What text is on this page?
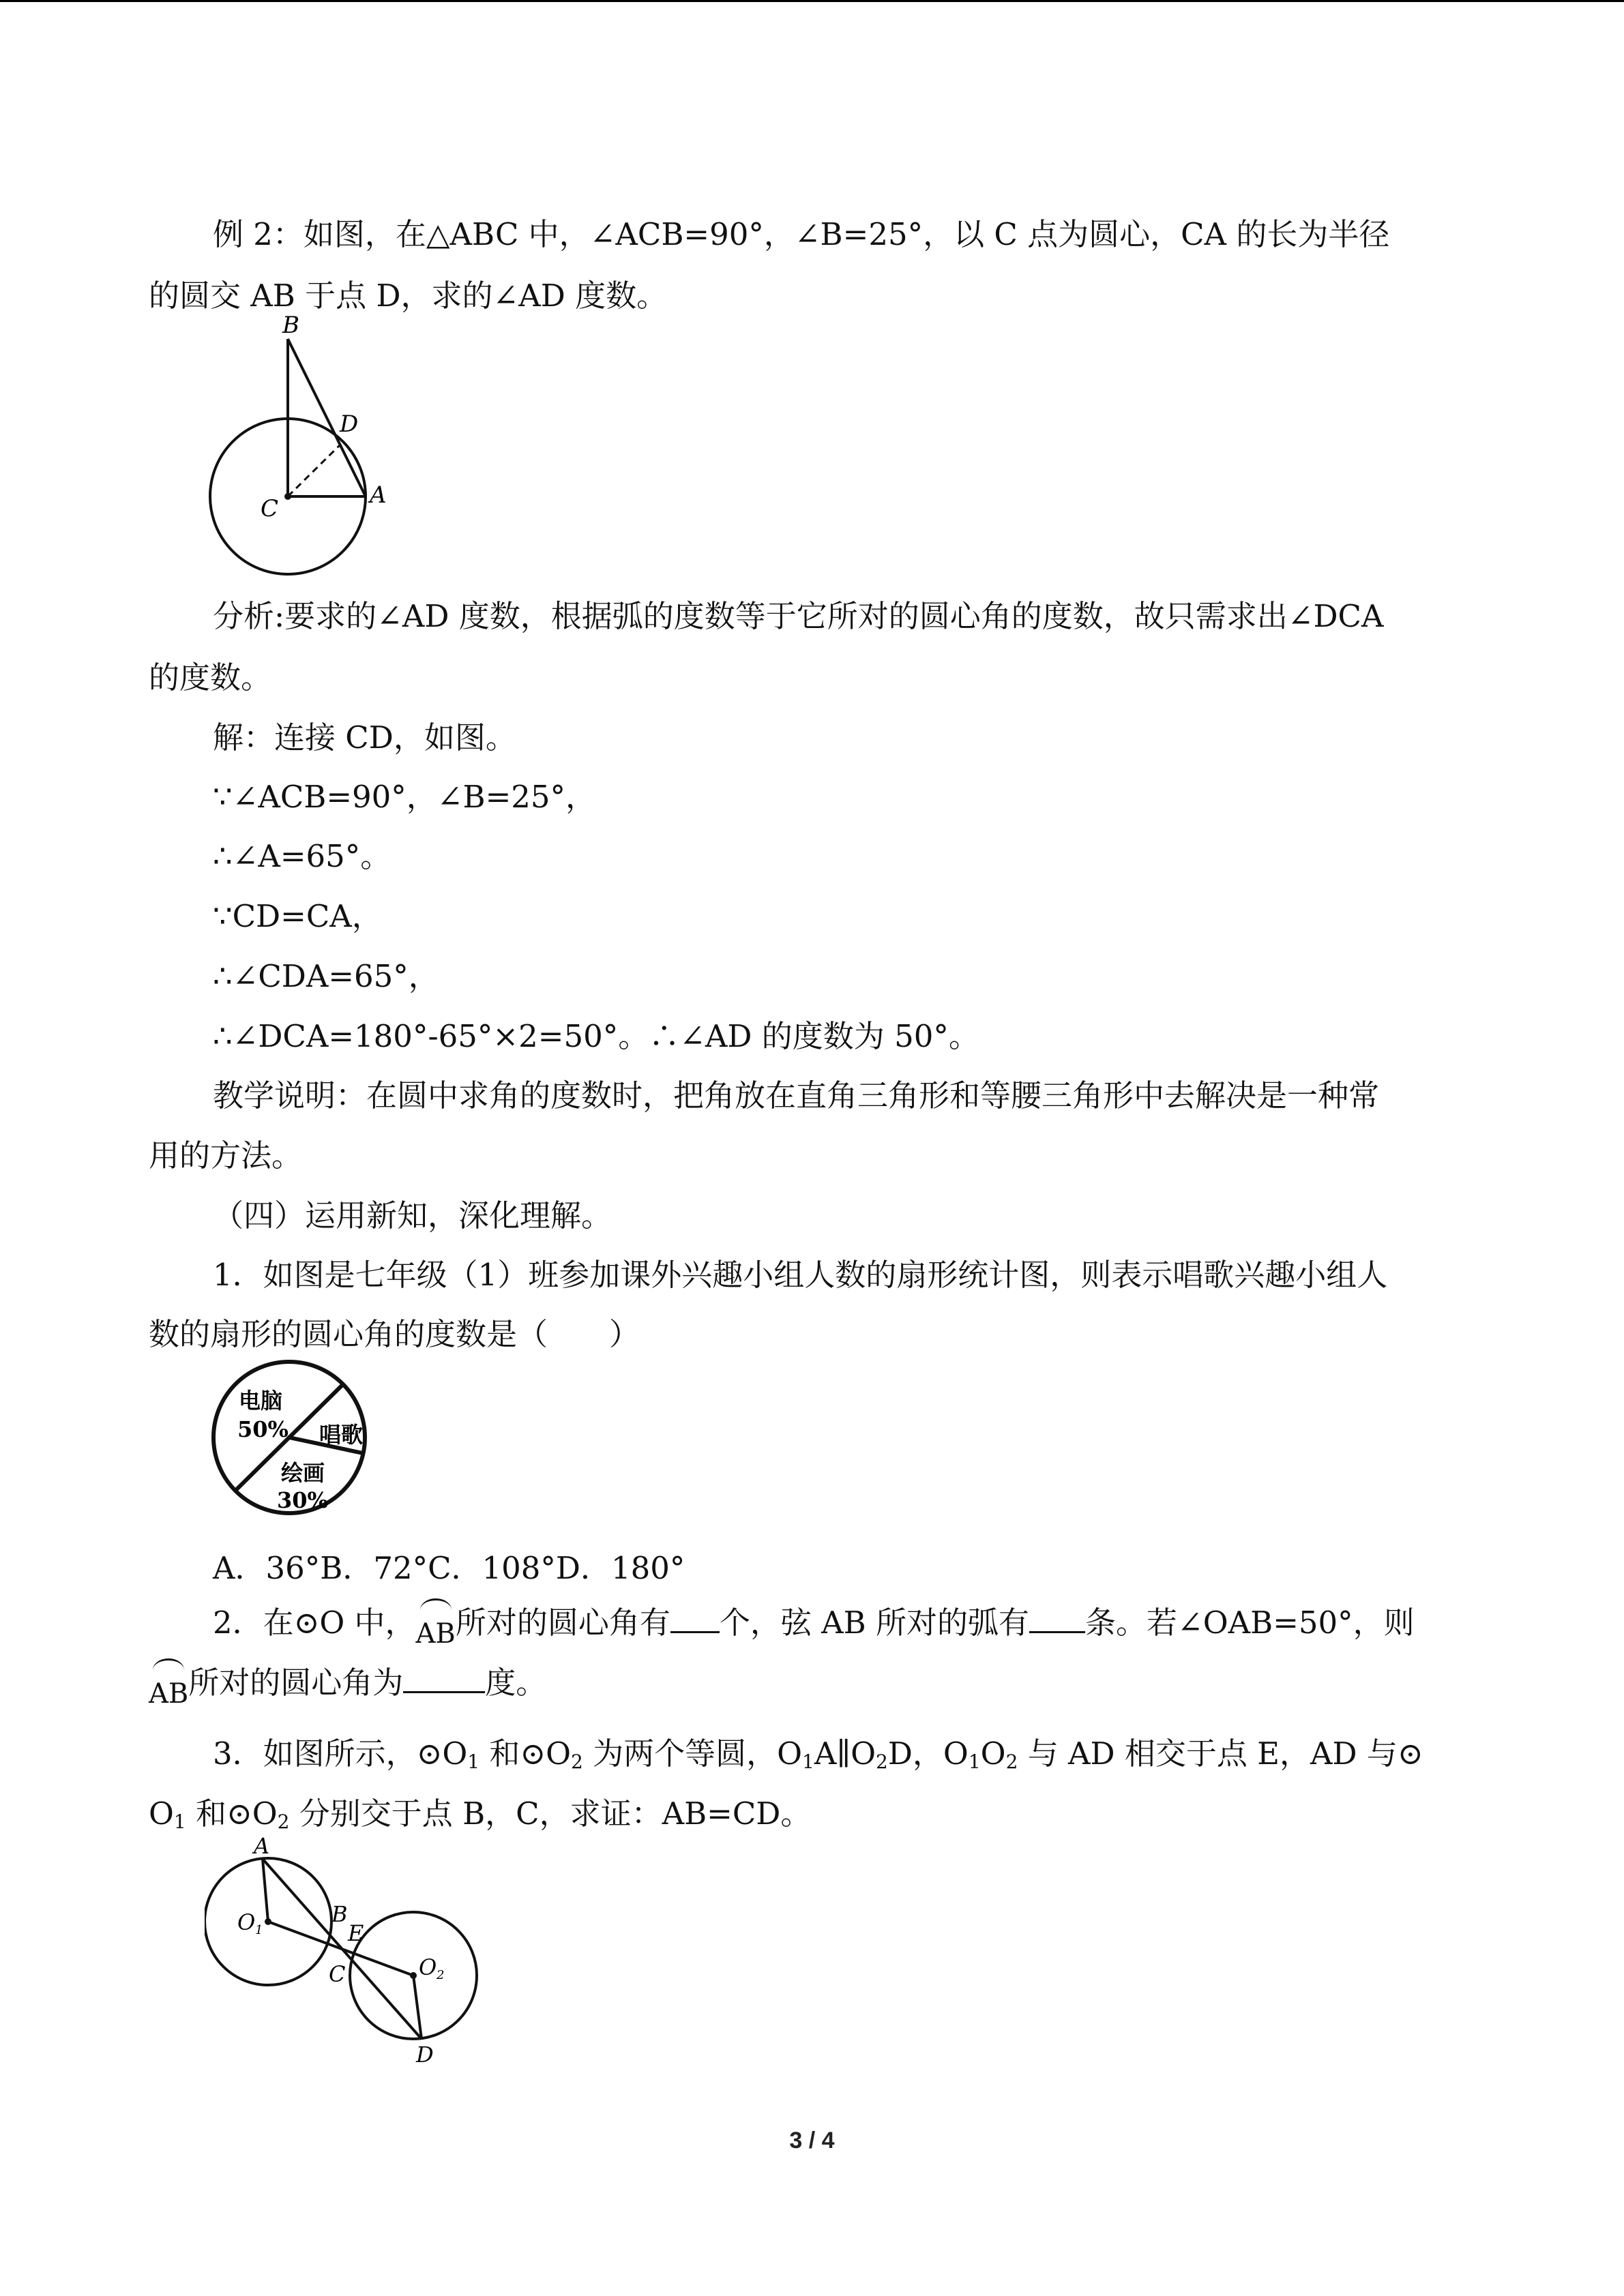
例 2：如图，在△ABC 中，∠ACB=90°，∠B=25°，以 C 点为圆心，CA 的长为半径
的圆交 AB 于点 D，求的∠AD 度数。
B
D
C	A
分析:要求的∠AD 度数，根据弧的度数等于它所对的圆心角的度数，故只需求出∠DCA
的度数。
解：连接 CD，如图。
∵∠ACB=90°，∠B=25°，
∴∠A=65°。
∵CD=CA，
∴∠CDA=65°，
∴∠DCA=180°-65°×2=50°。∴∠AD 的度数为 50°。
教学说明：在圆中求角的度数时，把角放在直角三角形和等腰三角形中去解决是一种常
用的方法。
（四）运用新知，深化理解。
1．如图是七年级（1）班参加课外兴趣小组人数的扇形统计图，则表示唱歌兴趣小组人
数的扇形的圆心角的度数是（　　）
电脑
50% 唱歌
绘画
30%
A．36°B．72°C．108°D．180°
2．在⊙O 中，AB所对的圆心角有 个，弦 AB 所对的弧有 条。若∠OAB=50°，则
AB所对的圆心角为	度。
3．如图所示，$⊙O_1$ 和$⊙O_2$ 为两个等圆，$O_1A\parallel O_2D$，$O_1O_2$ 与 AD 相交于点 E，AD 与⊙
$O_1$ 和$⊙O_2$ 分别交于点 B，C，求证：AB=CD。
A
O 1
B
E
O 2
C
D
3 / 4
